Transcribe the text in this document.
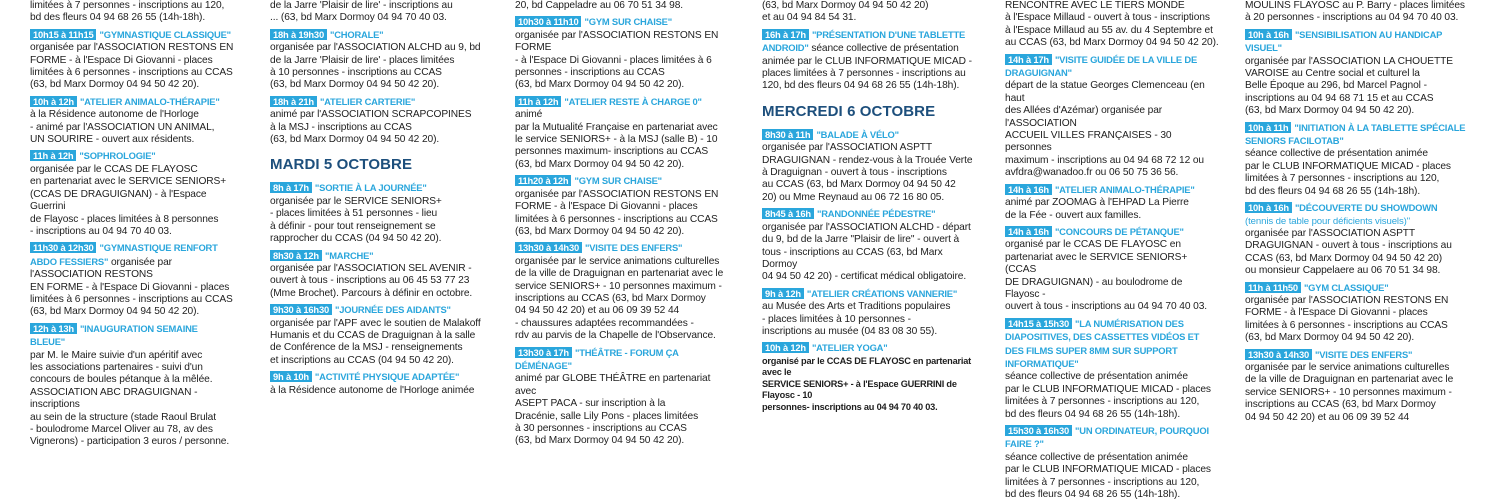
limitées à 7 personnes - inscriptions au 120,
bd des fleurs 04 94 68 26 55 (14h-18h).
10h15 à 11h15 "GYMNASTIQUE CLASSIQUE"
organisée par l'ASSOCIATION RESTONS EN
FORME - à l'Espace Di Giovanni - places
limitées à 6 personnes - inscriptions au CCAS
(63, bd Marx Dormoy 04 94 50 42 20).
10h à 12h "ATELIER ANIMALO-THÉRAPIE"
à la Résidence autonome de l'Horloge
- animé par l'ASSOCIATION UN ANIMAL,
UN SOURIRE - ouvert aux résidents.
11h à 12h "SOPHROLOGIE"
organisée par le CCAS DE FLAYOSC
en partenariat avec le SERVICE SENIORS+
(CCAS DE DRAGUIGNAN) - à l'Espace Guerrini
de Flayosc - places limitées à 8 personnes
- inscriptions au 04 94 70 40 03.
11h30 à 12h30 "GYMNASTIQUE RENFORT ABDO FESSIERS" organisée par l'ASSOCIATION RESTONS
EN FORME - à l'Espace Di Giovanni - places
limitées à 6 personnes - inscriptions au CCAS
(63, bd Marx Dormoy 04 94 50 42 20).
12h à 13h "INAUGURATION SEMAINE BLEUE"
par M. le Maire suivie d'un apéritif avec
les associations partenaires - suivi d'un
concours de boules pétanque à la mêlée.
ASSOCIATION ABC DRAGUIGNAN - inscriptions
au sein de la structure (stade Raoul Brulat
- boulodrome Marcel Oliver au 78, av des
Vignerons) - participation 3 euros / personne.
de la Jarre 'Plaisir de lire' - inscriptions au
... (63, bd Marx Dormoy 04 94 70 40 03.
18h à 19h30 "CHORALE"
organisée par l'ASSOCIATION ALCHD au 9, bd
de la Jarre 'Plaisir de lire' - places limitées
à 10 personnes - inscriptions au CCAS
(63, bd Marx Dormoy 04 94 50 42 20).
18h à 21h "ATELIER CARTERIE"
animé par l'ASSOCIATION SCRAPCOPINES
à la MSJ - inscriptions au CCAS
(63, bd Marx Dormoy 04 94 50 42 20).
MARDI 5 OCTOBRE
8h à 17h "SORTIE À LA JOURNÉE"
organisée par le SERVICE SENIORS+
- places limitées à 51 personnes - lieu
à définir - pour tout renseignement se
rapprocher du CCAS (04 94 50 42 20).
8h30 à 12h "MARCHE"
organisée par l'ASSOCIATION SEL AVENIR -
ouvert à tous - inscriptions au 06 45 53 77 23
(Mme Brochet). Parcours à définir en octobre.
9h30 à 16h30 "JOURNÉE DES AIDANTS"
organisée par l'APF avec le soutien de Malakoff
Humanis et du CCAS de Draguignan à la salle
de Conférence de la MSJ - renseignements
et inscriptions au CCAS (04 94 50 42 20).
9h à 10h "ACTIVITÉ PHYSIQUE ADAPTÉE"
à la Résidence autonome de l'Horloge animée
20, bd Cappeladre au 06 70 51 34 98.
10h30 à 11h10 "GYM SUR CHAISE"
organisée par l'ASSOCIATION RESTONS EN FORME
- à l'Espace Di Giovanni - places limitées à 6
personnes - inscriptions au CCAS
(63, bd Marx Dormoy 04 94 50 42 20).
11h à 12h "ATELIER RESTE À CHARGE 0" animé
par la Mutualité Française en partenariat avec
le service SENIORS+ - à la MSJ (salle B) - 10
personnes maximum- inscriptions au CCAS
(63, bd Marx Dormoy 04 94 50 42 20).
11h20 à 12h "GYM SUR CHAISE"
organisée par l'ASSOCIATION RESTONS EN
FORME - à l'Espace Di Giovanni - places
limitées à 6 personnes - inscriptions au CCAS
(63, bd Marx Dormoy 04 94 50 42 20).
13h30 à 14h30 "VISITE DES ENFERS"
organisée par le service animations culturelles
de la ville de Draguignan en partenariat avec le
service SENIORS+ - 10 personnes maximum -
inscriptions au CCAS (63, bd Marx Dormoy
04 94 50 42 20) et au 06 09 39 52 44
- chaussures adaptées recommandées -
rdv au parvis de la Chapelle de l'Observance.
13h30 à 17h "THÉÂTRE - FORUM ÇA DÉMÉNAGE"
animé par GLOBE THÉÂTRE en partenariat avec
ASEPT PACA - sur inscription à la
Dracénie, salle Lily Pons - places limitées
à 30 personnes - inscriptions au CCAS
(63, bd Marx Dormoy 04 94 50 42 20).
(63, bd Marx Dormoy 04 94 50 42 20)
et au 04 94 84 54 31.
16h à 17h "PRÉSENTATION D'UNE TABLETTE ANDROID" séance collective de présentation
animée par le CLUB INFORMATIQUE MICAD -
places limitées à 7 personnes - inscriptions au
120, bd des fleurs 04 94 68 26 55 (14h-18h).
MERCREDI 6 OCTOBRE
8h30 à 11h "BALADE À VÉLO"
organisée par l'ASSOCIATION ASPTT
DRAGUIGNAN - rendez-vous à la Trouée Verte
à Draguignan - ouvert à tous - inscriptions
au CCAS (63, bd Marx Dormoy 04 94 50 42
20) ou Mme Reynaud au 06 72 16 80 05.
8h45 à 16h "RANDONNÉE PÉDESTRE"
organisée par l'ASSOCIATION ALCHD - départ
du 9, bd de la Jarre "Plaisir de lire" - ouvert à
tous - inscriptions au CCAS (63, bd Marx Dormoy
04 94 50 42 20) - certificat médical obligatoire.
9h à 12h "ATELIER CRÉATIONS VANNERIE"
au Musée des Arts et Traditions populaires
- places limitées à 10 personnes -
inscriptions au musée (04 83 08 30 55).
10h à 12h "ATELIER YOGA"
organisé par le CCAS DE FLAYOSC en partenariat avec le
SERVICE SENIORS+ - à l'Espace GUERRINI de Flayosc - 10
personnes- inscriptions au 04 94 70 40 03.
RENCONTRE AVEC LE TIERS MONDE
à l'Espace Millaud - ouvert à tous - inscriptions
à l'Espace Millaud au 55 av. du 4 Septembre et
au CCAS (63, bd Marx Dormoy 04 94 50 42 20).
14h à 17h "VISITE GUIDÉE DE LA VILLE DE DRAGUIGNAN"
départ de la statue Georges Clemenceau (en haut
des Allées d'Azémar) organisée par l'ASSOCIATION
ACCUEIL VILLES FRANÇAISES - 30 personnes
maximum - inscriptions au 04 94 68 72 12 ou
avfdra@wanadoo.fr ou 06 50 75 36 56.
14h à 16h "ATELIER ANIMALO-THÉRAPIE"
animé par ZOOMAG à l'EHPAD La Pierre
de la Fée - ouvert aux familles.
14h à 16h "CONCOURS DE PÉTANQUE"
organisé par le CCAS DE FLAYOSC en
partenariat avec le SERVICE SENIORS+ (CCAS
DE DRAGUIGNAN) - au boulodrome de Flayosc -
ouvert à tous - inscriptions au 04 94 70 40 03.
14h15 à 15h30 "LA NUMÉRISATION DES DIAPOSITIVES, DES CASSETTES VIDÉOS ET DES FILMS SUPER 8MM SUR SUPPORT INFORMATIQUE"
séance collective de présentation animée
par le CLUB INFORMATIQUE MICAD - places
limitées à 7 personnes - inscriptions au 120,
bd des fleurs 04 94 68 26 55 (14h-18h).
15h30 à 16h30 "UN ORDINATEUR, POURQUOI FAIRE ?"
séance collective de présentation animée
par le CLUB INFORMATIQUE MICAD - places
limitées à 7 personnes - inscriptions au 120,
bd des fleurs 04 94 68 26 55 (14h-18h).
MOULINS FLAYOSC au P. Barry - places limitées
à 20 personnes - inscriptions au 04 94 70 40 03.
10h à 16h "SENSIBILISATION AU HANDICAP VISUEL"
organisée par l'ASSOCIATION LA CHOUETTE
VAROISE au Centre social et culturel la
Belle Époque au 296, bd Marcel Pagnol -
inscriptions au 04 94 68 71 15 et au CCAS
(63, bd Marx Dormoy 04 94 50 42 20).
10h à 11h "INITIATION À LA TABLETTE SPÉCIALE SENIORS FACILOTAB"
séance collective de présentation animée
par le CLUB INFORMATIQUE MICAD - places
limitées à 7 personnes - inscriptions au 120,
bd des fleurs 04 94 68 26 55 (14h-18h).
10h à 16h "DÉCOUVERTE DU SHOWDOWN
(tennis de table pour déficients visuels)"
organisée par l'ASSOCIATION ASPTT
DRAGUIGNAN - ouvert à tous - inscriptions au
CCAS (63, bd Marx Dormoy 04 94 50 42 20)
ou monsieur Cappelaere au 06 70 51 34 98.
11h à 11h50 "GYM CLASSIQUE"
organisée par l'ASSOCIATION RESTONS EN
FORME - à l'Espace Di Giovanni - places
limitées à 6 personnes - inscriptions au CCAS
(63, bd Marx Dormoy 04 94 50 42 20).
13h30 à 14h30 "VISITE DES ENFERS"
organisée par le service animations culturelles
de la ville de Draguignan en partenariat avec le
service SENIORS+ - 10 personnes maximum -
inscriptions au CCAS (63, bd Marx Dormoy
04 94 50 42 20) et au 06 09 39 52 44
